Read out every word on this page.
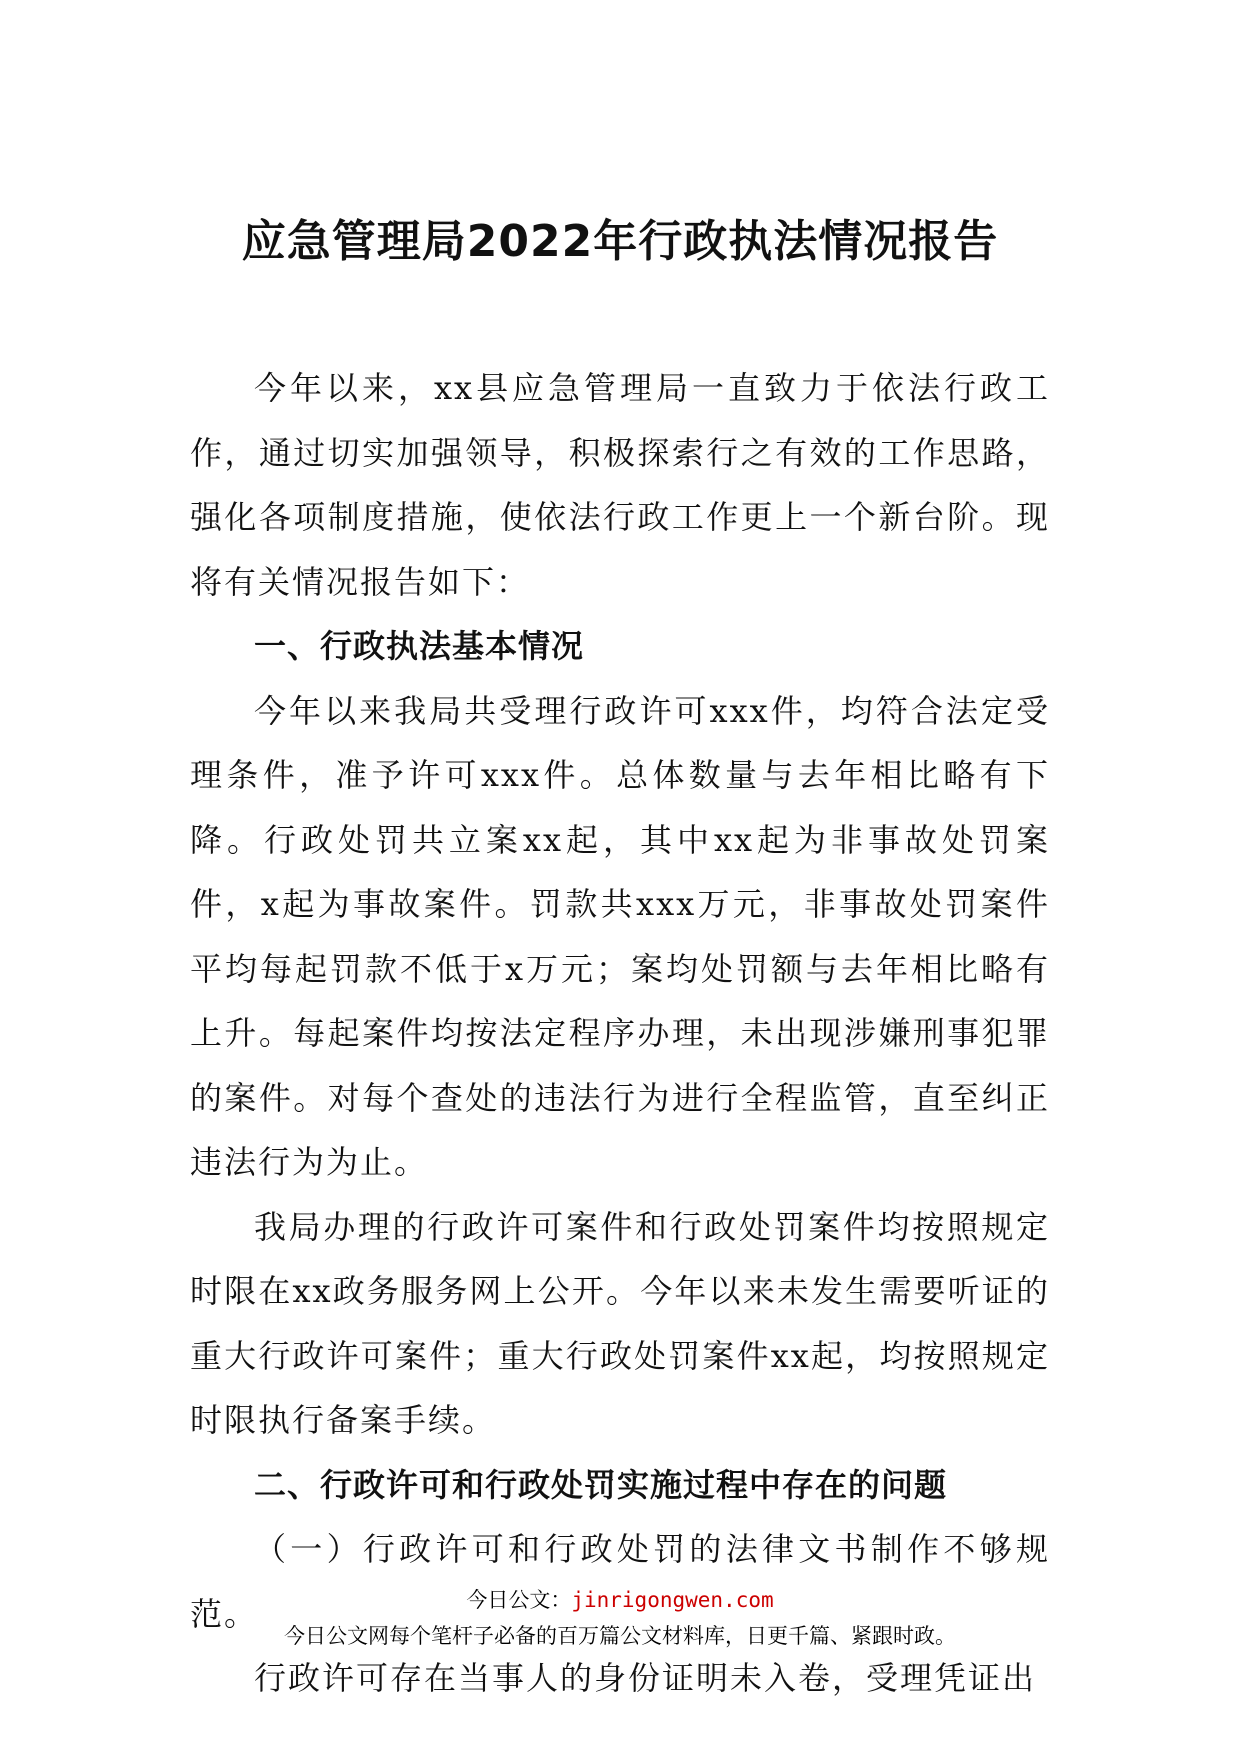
应急管理局2022年行政执法情况报告

今年以来，xx县应急管理局一直致力于依法行政工作，通过切实加强领导，积极探索行之有效的工作思路，强化各项制度措施，使依法行政工作更上一个新台阶。现将有关情况报告如下：

一、行政执法基本情况

今年以来我局共受理行政许可xxx件，均符合法定受理条件，准予许可xxx件。总体数量与去年相比略有下降。行政处罚共立案xx起，其中xx起为非事故处罚案件，x起为事故案件。罚款共xxx万元，非事故处罚案件平均每起罚款不低于x万元；案均处罚额与去年相比略有上升。每起案件均按法定程序办理，未出现涉嫌刑事犯罪的案件。对每个查处的违法行为进行全程监管，直至纠正违法行为为止。

我局办理的行政许可案件和行政处罚案件均按照规定时限在xx政务服务网上公开。今年以来未发生需要听证的重大行政许可案件；重大行政处罚案件xx起，均按照规定时限执行备案手续。

二、行政许可和行政处罚实施过程中存在的问题

（一）行政许可和行政处罚的法律文书制作不够规范。

行政许可存在当事人的身份证明未入卷，受理凭证出

今日公文：jinrigongwen.com
今日公文网每个笔杆子必备的百万篇公文材料库，日更千篇、紧跟时政。
